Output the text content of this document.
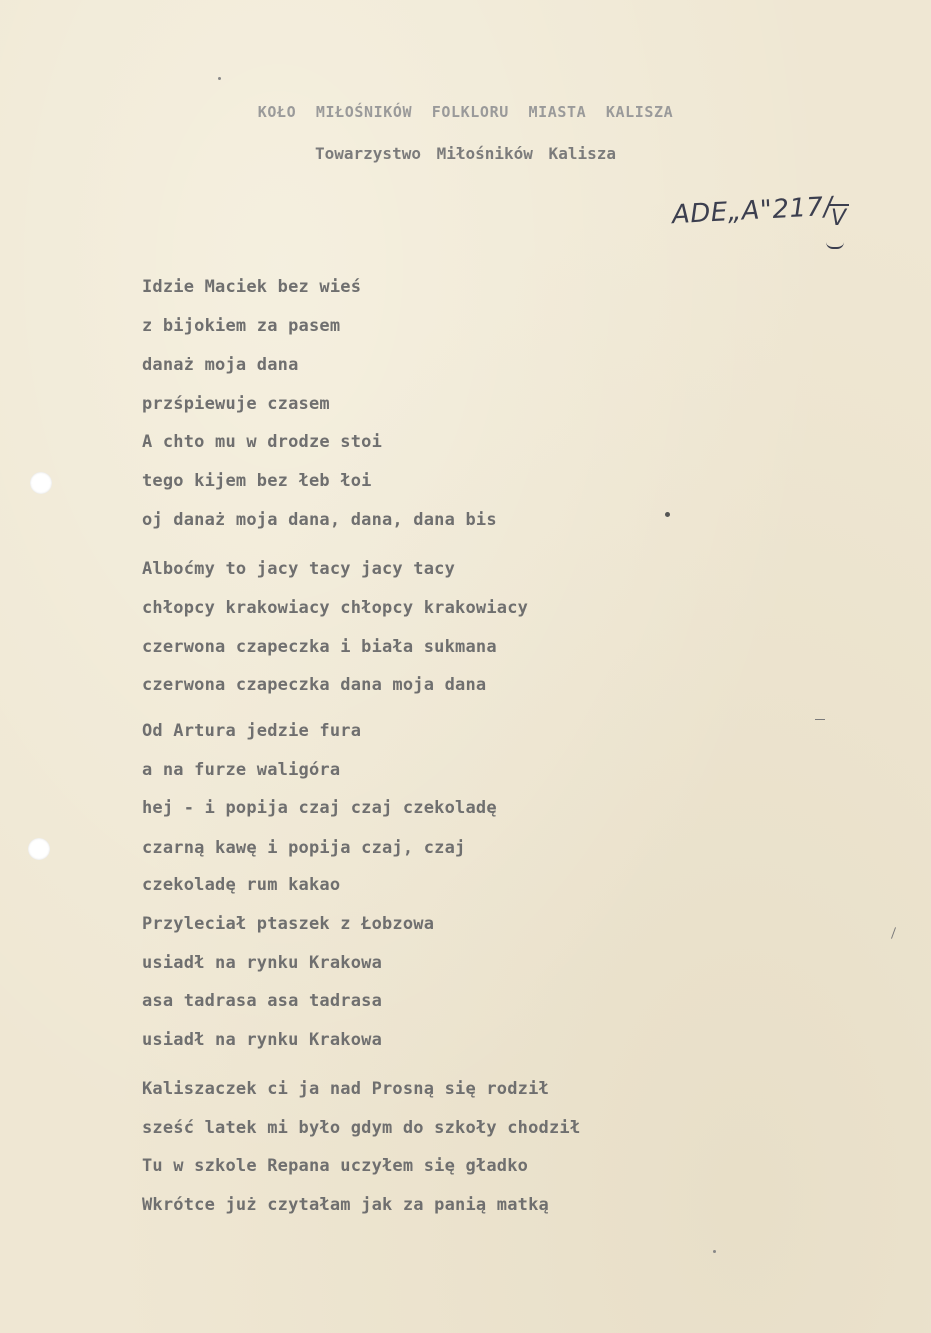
KOŁO MIŁOŚNIKÓW FOLKLORU MIASTA KALISZA
Towarzystwo Miłośników Kalisza
ADE„A"217/
V
Idzie Maciek bez wieś
z bijokiem za pasem
danaż moja dana
przśpiewuje czasem
A chto mu w drodze stoi
tego kijem bez łeb łoi
oj danaż moja dana, dana, dana bis
Alboćmy to jacy tacy jacy tacy
chłopcy krakowiacy chłopcy krakowiacy
czerwona czapeczka i biała sukmana
czerwona czapeczka dana moja dana
Od Artura jedzie fura
a na furze waligóra
hej - i popija czaj czaj czekoladę
czarną kawę i popija czaj, czaj
czekoladę rum kakao
Przyleciał ptaszek z Łobzowa
usiadł na rynku Krakowa
asa tadrasa asa tadrasa
usiadł na rynku Krakowa
Kaliszaczek ci ja nad Prosną się rodził
sześć latek mi było gdym do szkoły chodził
Tu w szkole Repana uczyłem się gładko
Wkrótce już czytałam jak za panią matką
